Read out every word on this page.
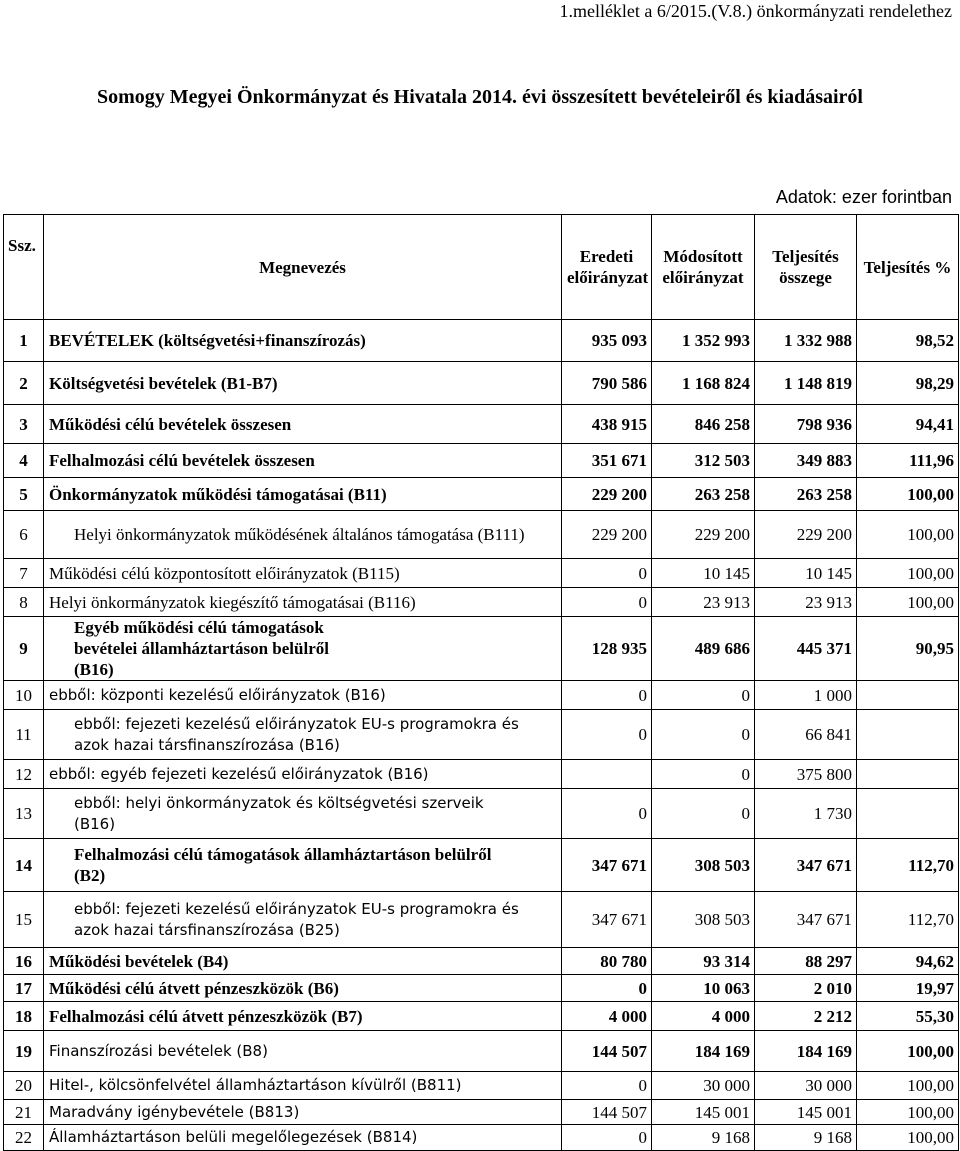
1.melléklet a 6/2015.(V.8.) önkormányzati rendelethez
Somogy Megyei Önkormányzat és Hivatala 2014. évi összesített bevételeiről és kiadásairól
Adatok: ezer forintban
Ssz.	Megnevezés	Eredeti előirányzat	Módosított előirányzat	Teljesítés összege	Teljesítés %
1	BEVÉTELEK (költségvetési+finanszírozás)	935 093	1 352 993	1 332 988	98,52
2	Költségvetési bevételek (B1-B7)	790 586	1 168 824	1 148 819	98,29
3	Működési célú bevételek összesen	438 915	846 258	798 936	94,41
4	Felhalmozási célú bevételek összesen	351 671	312 503	349 883	111,96
5	Önkormányzatok működési támogatásai (B11)	229 200	263 258	263 258	100,00
6	Helyi önkormányzatok működésének általános támogatása (B111)	229 200	229 200	229 200	100,00
7	Működési célú központosított előirányzatok (B115)	0	10 145	10 145	100,00
8	Helyi önkormányzatok kiegészítő támogatásai (B116)	0	23 913	23 913	100,00
9	Egyéb működési célú támogatások bevételei államháztartáson belülről (B16)	128 935	489 686	445 371	90,95
10	ebből: központi kezelésű előirányzatok (B16)	0	0	1 000	
11	ebből: fejezeti kezelésű előirányzatok EU-s programokra és azok hazai társfinanszírozása (B16)	0	0	66 841	
12	ebből: egyéb fejezeti kezelésű előirányzatok (B16)		0	375 800	
13	ebből: helyi önkormányzatok és költségvetési szerveik (B16)	0	0	1 730	
14	Felhalmozási célú támogatások államháztartáson belülről (B2)	347 671	308 503	347 671	112,70
15	ebből: fejezeti kezelésű előirányzatok EU-s programokra és azok hazai társfinanszírozása (B25)	347 671	308 503	347 671	112,70
16	Működési bevételek (B4)	80 780	93 314	88 297	94,62
17	Működési célú átvett pénzeszközök (B6)	0	10 063	2 010	19,97
18	Felhalmozási célú átvett pénzeszközök (B7)	4 000	4 000	2 212	55,30
19	Finanszírozási bevételek (B8)	144 507	184 169	184 169	100,00
20	Hitel-, kölcsönfelvétel államháztartáson kívülről (B811)	0	30 000	30 000	100,00
21	Maradvány igénybevétele (B813)	144 507	145 001	145 001	100,00
22	Államháztartáson belüli megelőlegezések (B814)	0	9 168	9 168	100,00
